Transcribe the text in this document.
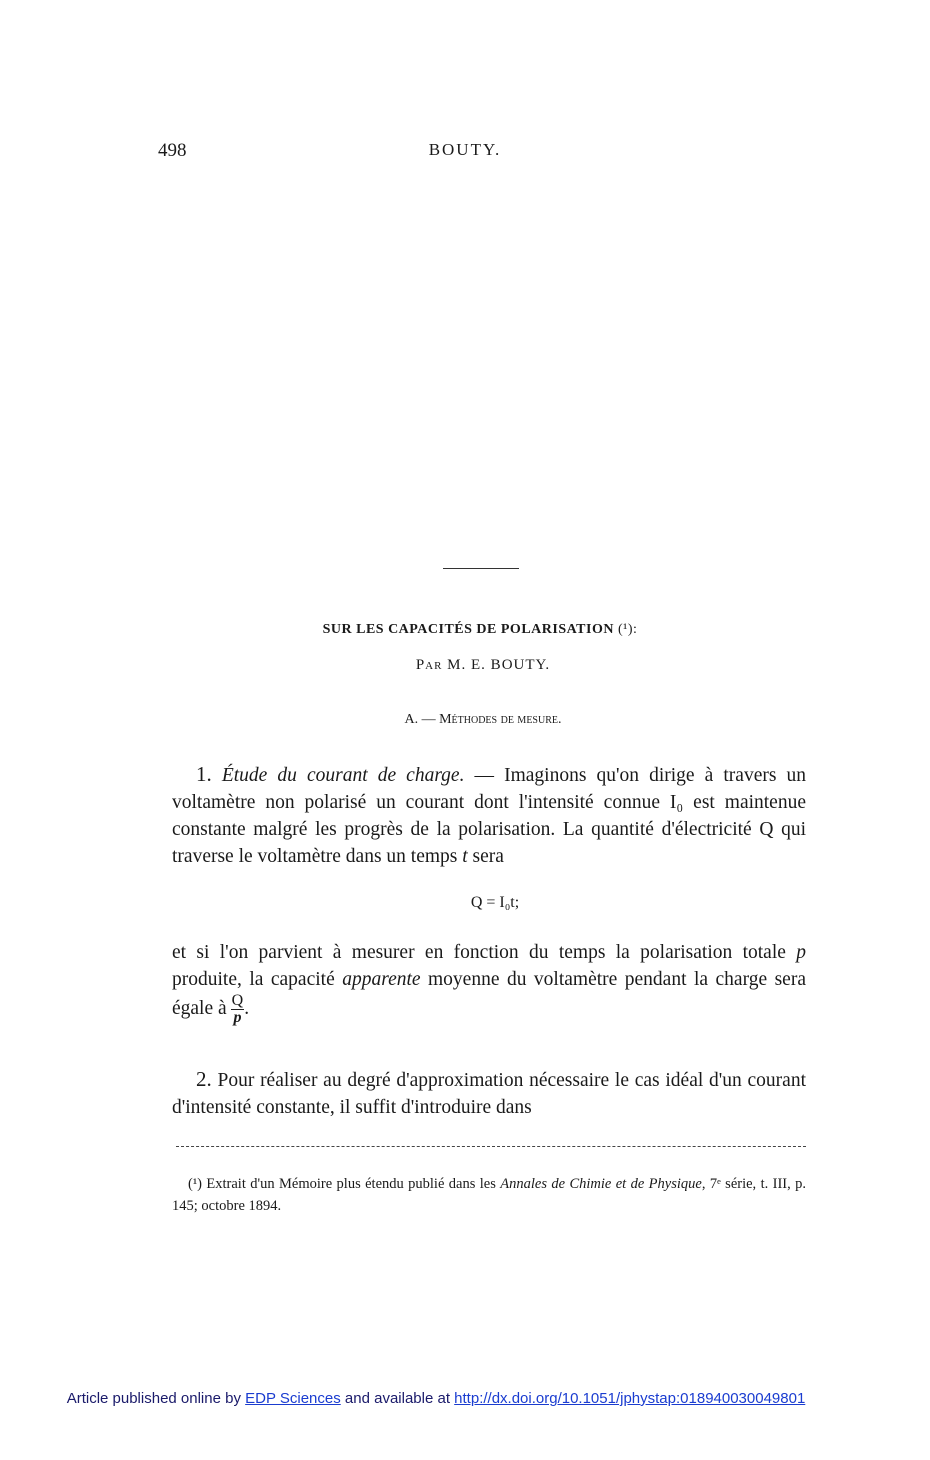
498	BOUTY.
SUR LES CAPACITÉS DE POLARISATION (¹):
Par M. E. BOUTY.
A. — Méthodes de mesure.
1. Étude du courant de charge. — Imaginons qu'on dirige à travers un voltamètre non polarisé un courant dont l'intensité connue I₀ est maintenue constante malgré les progrès de la polarisation. La quantité d'électricité Q qui traverse le voltamètre dans un temps t sera
Q = I₀t;
et si l'on parvient à mesurer en fonction du temps la polarisation totale p produite, la capacité apparente moyenne du voltamètre pendant la charge sera égale à $\frac{Q}{p}$ .
2. Pour réaliser au degré d'approximation nécessaire le cas idéal d'un courant d'intensité constante, il suffit d'introduire dans
(¹) Extrait d'un Mémoire plus étendu publié dans les Annales de Chimie et de Physique, 7ᵉ série, t. III, p. 145; octobre 1894.
Article published online by EDP Sciences and available at http://dx.doi.org/10.1051/jphystap:018940030049801
